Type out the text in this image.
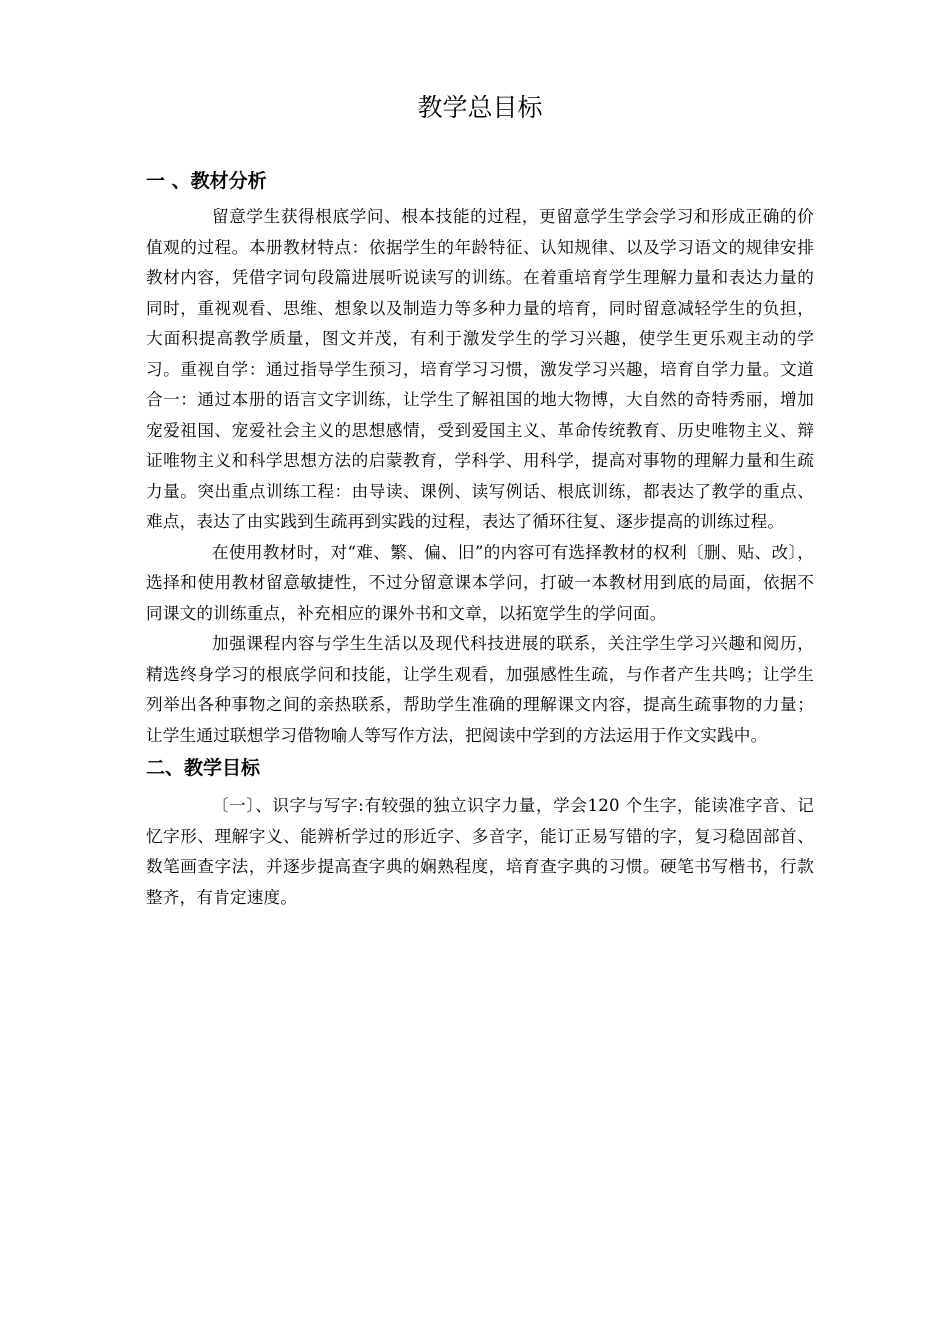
教学总目标
一 、教材分析

留意学生获得根底学问、根本技能的过程，更留意学生学会学习和形成正确的价值观的过程。本册教材特点：依据学生的年龄特征、认知规律、以及学习语文的规律安排教材内容，凭借字词句段篇进展听说读写的训练。在着重培育学生理解力量和表达力量的同时，重视观看、思维、想象以及制造力等多种力量的培育，同时留意减轻学生的负担，大面积提高教学质量，图文并茂，有利于激发学生的学习兴趣，使学生更乐观主动的学习。重视自学：通过指导学生预习，培育学习习惯，激发学习兴趣，培育自学力量。文道合一：通过本册的语言文字训练，让学生了解祖国的地大物博，大自然的奇特秀丽，增加宠爱祖国、宠爱社会主义的思想感情，受到爱国主义、革命传统教育、历史唯物主义、辩证唯物主义和科学思想方法的启蒙教育，学科学、用科学，提高对事物的理解力量和生疏力量。突出重点训练工程：由导读、课例、读写例话、根底训练，都表达了教学的重点、难点，表达了由实践到生疏再到实践的过程，表达了循环往复、逐步提高的训练过程。

在使用教材时，对“难、繁、偏、旧”的内容可有选择教材的权利〔删、贴、改〕，选择和使用教材留意敏捷性，不过分留意课本学问，打破一本教材用到底的局面，依据不同课文的训练重点，补充相应的课外书和文章，以拓宽学生的学问面。

加强课程内容与学生生活以及现代科技进展的联系，关注学生学习兴趣和阅历，精选终身学习的根底学问和技能，让学生观看，加强感性生疏，与作者产生共鸣；让学生列举出各种事物之间的亲热联系，帮助学生准确的理解课文内容，提高生疏事物的力量；让学生通过联想学习借物喻人等写作方法，把阅读中学到的方法运用于作文实践中。

二、教学目标

〔一〕、识字与写字:有较强的独立识字力量，学会120 个生字，能读准字音、记忆字形、理解字义、能辨析学过的形近字、多音字，能订正易写错的字，复习稳固部首、数笔画查字法，并逐步提高查字典的娴熟程度，培育查字典的习惯。硬笔书写楷书，行款整齐，有肯定速度。
